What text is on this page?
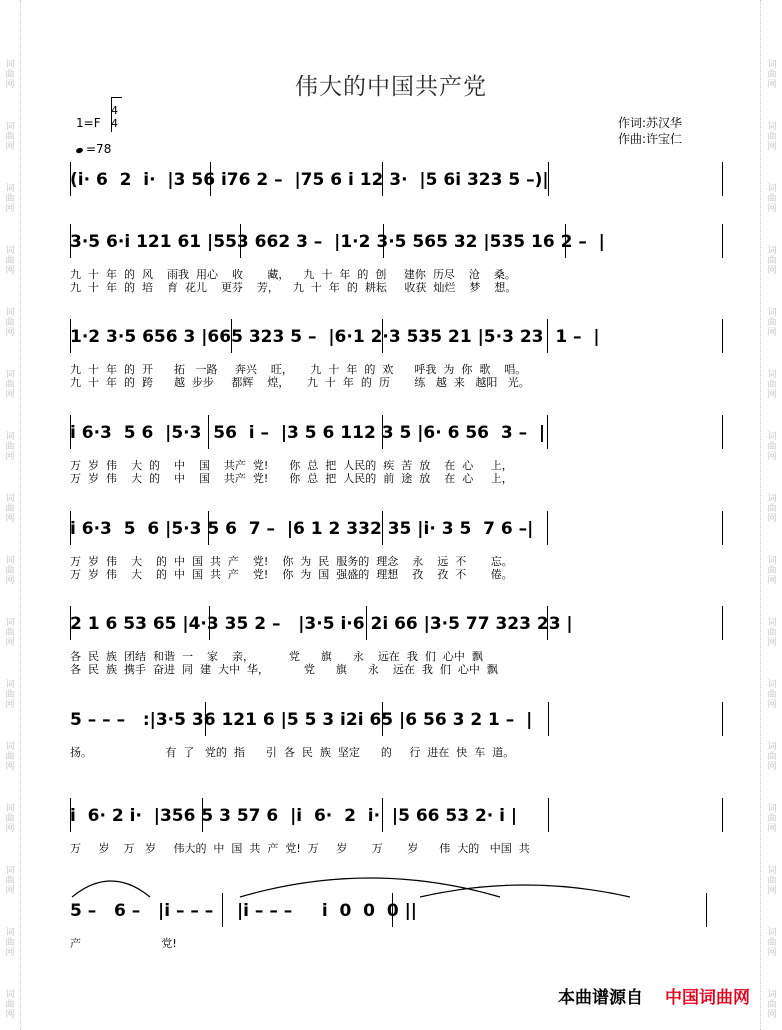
词
曲
网
词
曲
网
词
曲
网
词
曲
网
词
曲
网
词
曲
网
词
曲
网
词
曲
网
词
曲
网
词
曲
网
词
曲
网
词
曲
网
词
曲
网
词
曲
网
词
曲
网
词
曲
网
词
曲
网
词
曲
网
词
曲
网
词
曲
网
词
曲
网
词
曲
网
词
曲
网
词
曲
网
词
曲
网
词
曲
网
词
曲
网
词
曲
网
词
曲
网
词
曲
网
词
曲
网
词
曲
网
伟大的中国共产党
1=F
4
4
=78
作词:苏汉华
作曲:许宝仁
(i· 6  2  i·  |3 56 i76 2 –  |75 6 i 12 3·  |5 6i 323 5 –)|
3·5 6·i 121 61 |553 662 3 –  |1·2 3·5 565 32 |535 16 2 –  |
九  十  年  的  风    雨我  用心    收       藏，    九  十  年  的  创     建你  历尽    沧    桑。
九  十  年  的  培    育  花儿    更芬    芳，    九  十  年  的  耕耘     收获  灿烂    梦    想。
1·2 3·5 656 3 |665 323 5 –  |6·1 2·3 535 21 |5·3 23  1 –  |
九  十  年  的  开      拓   一路     奔兴    旺，     九  十  年  的  欢      呼我  为  你  歌    唱。
九  十  年  的  跨      越  步步     都辉    煌，     九  十  年  的  历       练   越  来   越阳   光。
i 6·3  5 6  |5·3  56  i –  |3 5 6 112 3 5 |6· 6 56  3 –  |
万  岁  伟    大  的    中    国    共产  党!      你  总  把  人民的  疾  苦  放    在  心     上，
万  岁  伟    大  的    中    国    共产  党!      你  总  把  人民的  前  途  放    在  心     上，
i 6·3  5  6 |5·3 5 6  7 –  |6 1 2 332 35 |i· 3 5  7 6 –|
万  岁  伟    大    的  中  国  共  产    党!    你  为  民  服务的  理念    永    远  不       忘。
万  岁  伟    大    的  中  国  共  产    党!    你  为  国  强盛的  理想    孜    孜  不       倦。
2 1 6 53 65 |4·3 35 2 –   |3·5 i·6 2i 66 |3·5 77 323 23 |
各  民  族  团结  和谐  一    家    亲，          党      旗      永    远在  我  们  心中  飘
各  民  族  携手  奋进  同  建  大中  华，          党      旗      永    远在  我  们  心中  飘
5 – – –   :|3·5 36 121 6 |5 5 3 i2i 65 |6 56 3 2 1 –  |
扬。                     有  了   党的  指      引  各  民  族  坚定      的     行  进在  快  车  道。
i  6· 2 i·  |356 5 3 57 6  |i  6·  2  i·  |5 66 53 2· i |
万     岁    万   岁     伟大的  中  国  共  产  党!  万     岁       万       岁      伟  大的   中国  共
5 –   6 –   |i – – –    |i – – –     i  0  0  0 ||
产                       党!
本曲谱源自 中国词曲网
